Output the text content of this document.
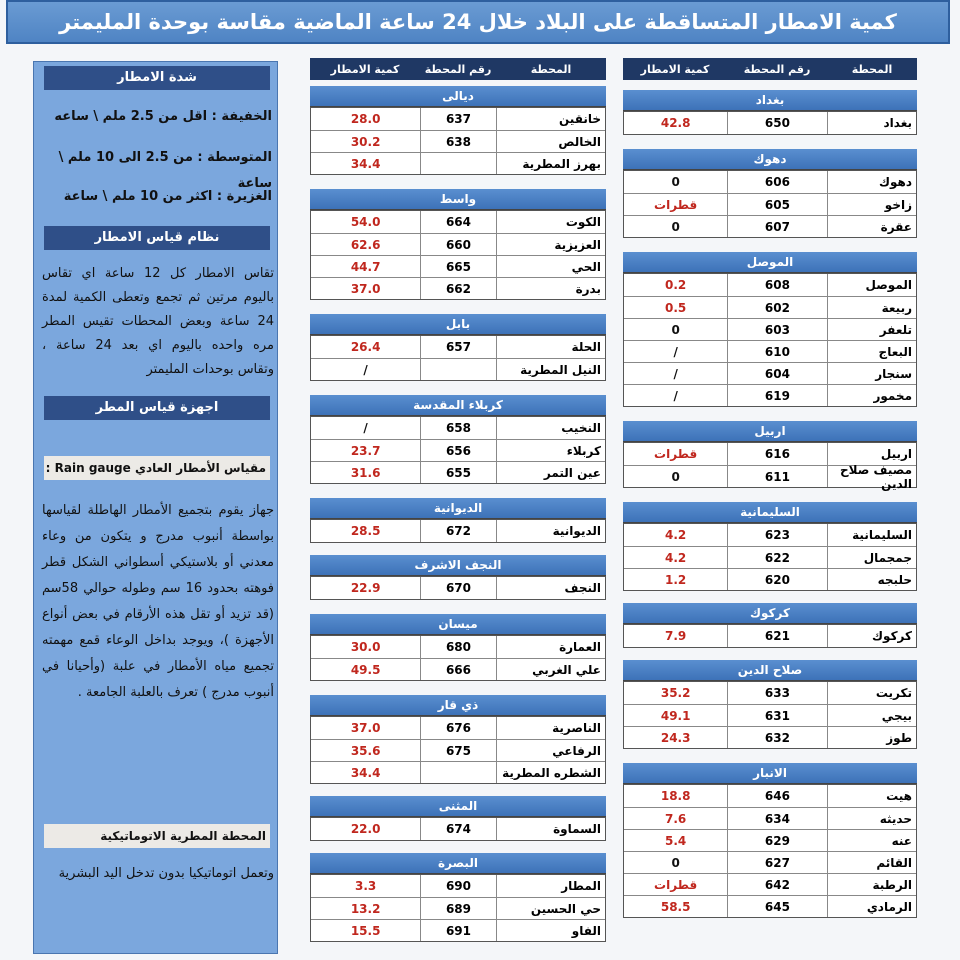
كمية الامطار المتساقطة على البلاد خلال 24 ساعة الماضية مقاسة بوحدة المليمتر
المحطة
رقم المحطة
كمية الامطار
بغداد
بغداد
650
42.8
دهوك
دهوك
606
0
زاخو
605
قطرات
عقرة
607
0
الموصل
الموصل
608
0.2
ربيعة
602
0.5
تلعفر
603
0
البعاج
610
/
سنجار
604
/
مخمور
619
/
اربيل
اربيل
616
قطرات
مصيف صلاح الدين
611
0
السليمانية
السليمانية
623
4.2
جمجمال
622
4.2
حلبجه
620
1.2
كركوك
كركوك
621
7.9
صلاح الدين
تكريت
633
35.2
بيجي
631
49.1
طوز
632
24.3
الانبار
هيت
646
18.8
حديثه
634
7.6
عنه
629
5.4
القائم
627
0
الرطبة
642
قطرات
الرمادي
645
58.5
المحطة
رقم المحطة
كمية الامطار
ديالى
خانقين
637
28.0
الخالص
638
30.2
بهرز المطرية
34.4
واسط
الكوت
664
54.0
العزيزية
660
62.6
الحي
665
44.7
بدرة
662
37.0
بابل
الحلة
657
26.4
النيل المطرية
/
كربلاء المقدسة
النخيب
658
/
كربلاء
656
23.7
عين التمر
655
31.6
الديوانية
الديوانية
672
28.5
النجف الاشرف
النجف
670
22.9
ميسان
العمارة
680
30.0
علي الغربي
666
49.5
ذي قار
الناصرية
676
37.0
الرفاعي
675
35.6
الشطره المطرية
34.4
المثنى
السماوة
674
22.0
البصرة
المطار
690
3.3
حي الحسين
689
13.2
الفاو
691
15.5
شدة الامطار
الخفيفة : اقل من 2.5 ملم \ ساعه
المتوسطة : من 2.5 الى 10 ملم \ ساعة
الغزيرة : اكثر من 10 ملم \ ساعة
نظام قياس الامطار
تقاس الامطار كل 12 ساعة اي تقاس باليوم مرتين ثم تجمع وتعطى الكمية لمدة 24 ساعة وبعض المحطات تقيس المطر مره واحده باليوم اي بعد 24 ساعة ، وتقاس بوحدات المليمتر
اجهزة قياس المطر
مقياس الأمطار العادي Rain gauge :
جهاز يقوم بتجميع الأمطار الهاطلة لقياسها بواسطة أنبوب مدرج و يتكون من وعاء معدني أو بلاستيكي أسطواني الشكل قطر فوهته بحدود 16 سم وطوله حوالي 58سم (قد تزيد أو تقل هذه الأرقام في بعض أنواع الأجهزة )، ويوجد بداخل الوعاء قمع مهمته تجميع مياه الأمطار في علبة (وأحيانا في أنبوب مدرج ) تعرف بالعلبة الجامعة .
المحطة المطرية الاتوماتيكية
وتعمل اتوماتيكيا بدون تدخل اليد البشرية
